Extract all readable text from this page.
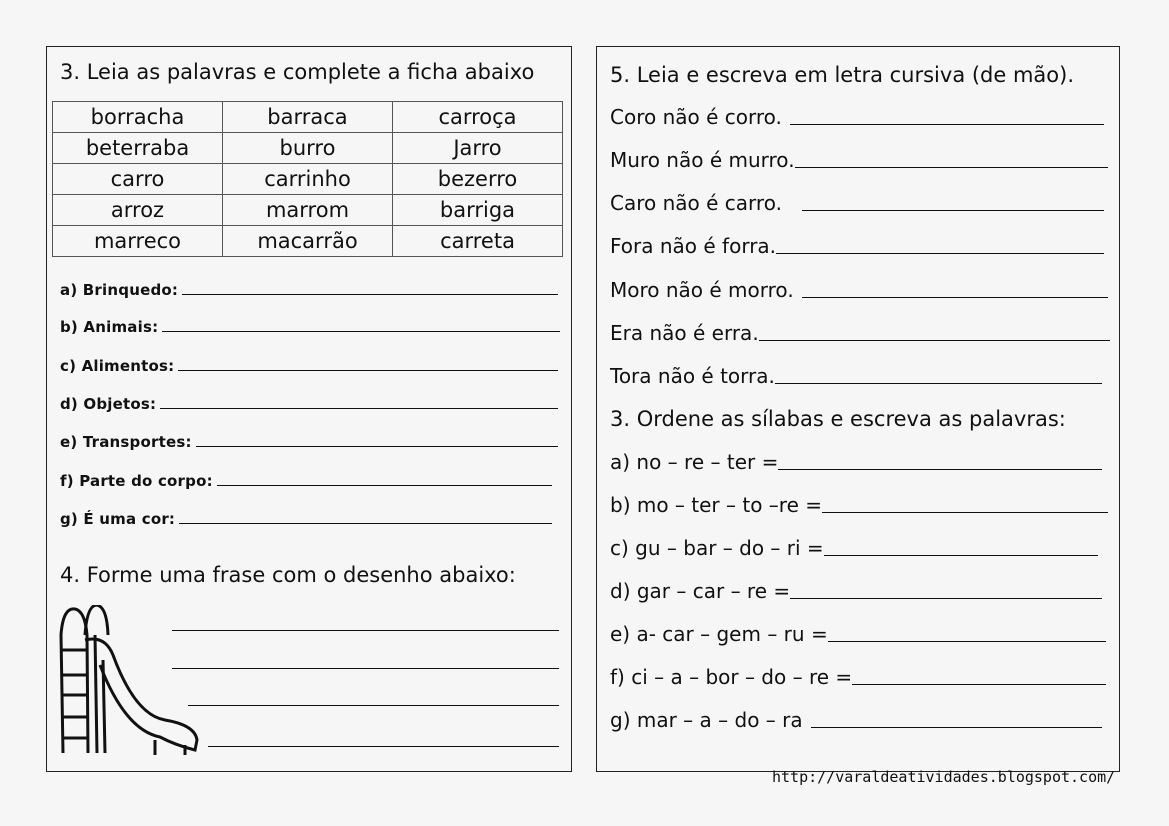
3. Leia as palavras e complete a ficha abaixo
borracha	barraca	carroça
beterraba	burro	Jarro
carro	carrinho	bezerro
arroz	marrom	barriga
marreco	macarrão	carreta
a) Brinquedo:
b) Animais:
c) Alimentos:
d) Objetos:
e) Transportes:
f) Parte do corpo:
g) É uma cor:
4. Forme uma frase com o desenho abaixo:
5. Leia e escreva em letra cursiva (de mão).
Coro não é corro.
Muro não é murro.
Caro não é carro.
Fora não é forra.
Moro não é morro.
Era não é erra.
Tora não é torra.
a) no – re – ter =
b) mo – ter – to –re =
c) gu – bar – do – ri =
d) gar – car – re =
e) a- car – gem – ru =
f) ci – a – bor – do – re =
g) mar – a – do – ra
3. Ordene as sílabas e escreva as palavras:
http://varaldeatividades.blogspot.com/
